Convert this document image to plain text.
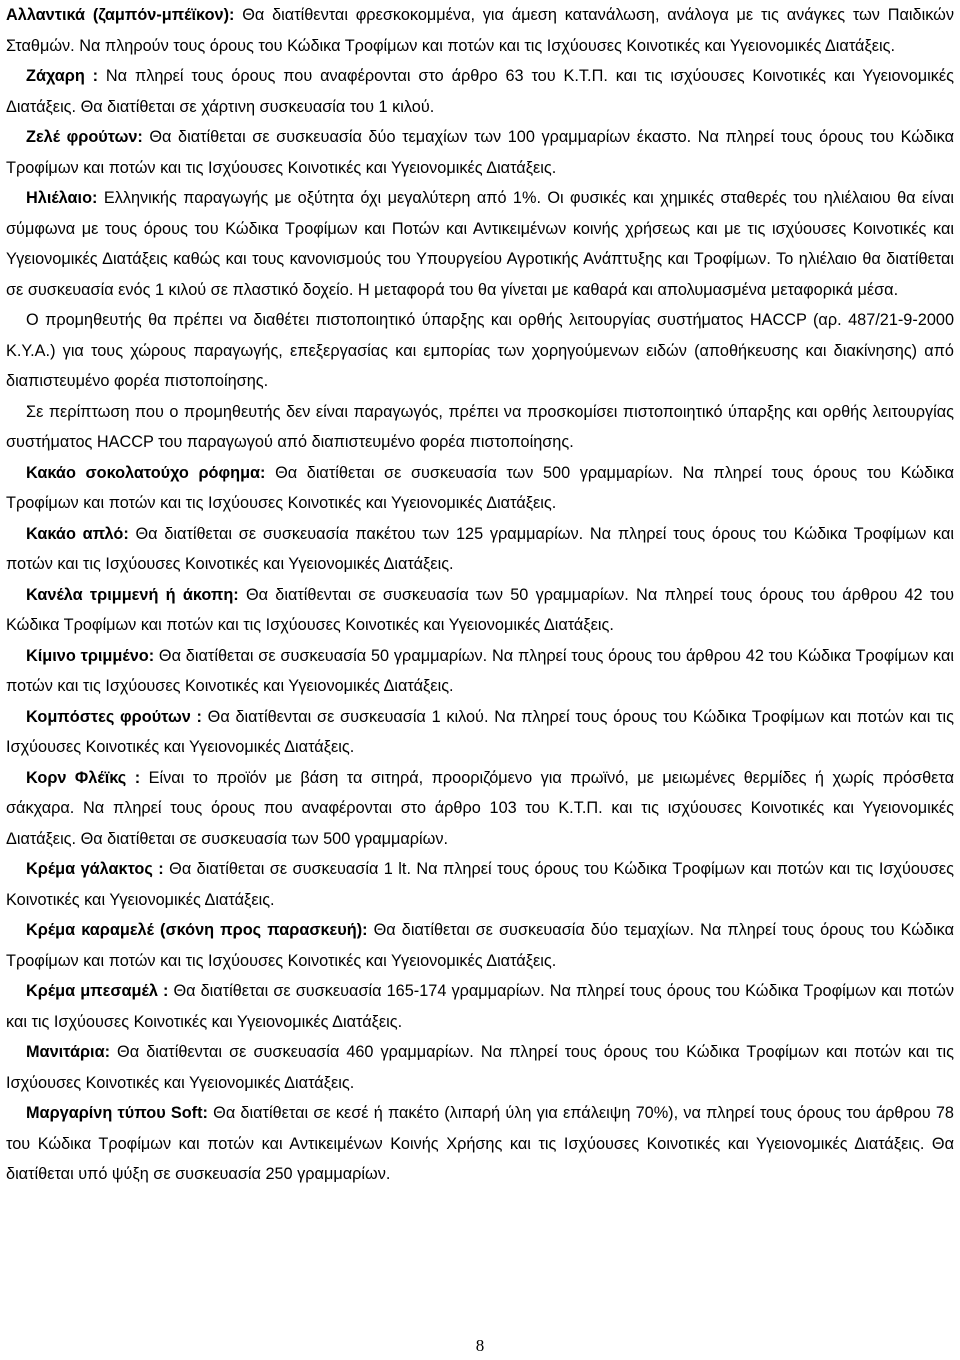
Αλλαντικά (ζαμπόν-μπέϊκον): Θα διατίθενται φρεσκοκομμένα, για άμεση κατανάλωση, ανάλογα με τις ανάγκες των Παιδικών Σταθμών. Να πληρούν τους όρους του Κώδικα Τροφίμων και ποτών και τις Ισχύουσες Κοινοτικές και Υγειονομικές Διατάξεις.

Ζάχαρη : Να πληρεί τους όρους που αναφέρονται στο άρθρο 63 του Κ.Τ.Π. και τις ισχύουσες Κοινοτικές και Υγειονομικές Διατάξεις. Θα διατίθεται σε χάρτινη συσκευασία του 1 κιλού.

Ζελέ φρούτων: Θα διατίθεται σε συσκευασία δύο τεμαχίων των 100 γραμμαρίων έκαστο. Να πληρεί τους όρους του Κώδικα Τροφίμων και ποτών και τις Ισχύουσες Κοινοτικές και Υγειονομικές Διατάξεις.

Ηλιέλαιο: Ελληνικής παραγωγής με οξύτητα όχι μεγαλύτερη από 1%. Οι φυσικές και χημικές σταθερές του ηλιέλαιου θα είναι σύμφωνα με τους όρους του Κώδικα Τροφίμων και Ποτών και Αντικειμένων κοινής χρήσεως και με τις ισχύουσες Κοινοτικές και Υγειονομικές Διατάξεις καθώς και τους κανονισμούς του Υπουργείου Αγροτικής Ανάπτυξης και Τροφίμων. Το ηλιέλαιο θα διατίθεται σε συσκευασία ενός 1 κιλού σε πλαστικό δοχείο. Η μεταφορά του θα γίνεται με καθαρά και απολυμασμένα μεταφορικά μέσα.

Ο προμηθευτής θα πρέπει να διαθέτει πιστοποιητικό ύπαρξης και ορθής λειτουργίας συστήματος HACCP (αρ. 487/21-9-2000 Κ.Υ.Α.) για τους χώρους παραγωγής, επεξεργασίας και εμπορίας των χορηγούμενων ειδών (αποθήκευσης και διακίνησης) από διαπιστευμένο φορέα πιστοποίησης.

Σε περίπτωση που ο προμηθευτής δεν είναι παραγωγός, πρέπει να προσκομίσει πιστοποιητικό ύπαρξης και ορθής λειτουργίας συστήματος HACCP του παραγωγού από διαπιστευμένο φορέα πιστοποίησης.

Κακάο σοκολατούχο ρόφημα: Θα διατίθεται σε συσκευασία των 500 γραμμαρίων. Να πληρεί τους όρους του Κώδικα Τροφίμων και ποτών και τις Ισχύουσες Κοινοτικές και Υγειονομικές Διατάξεις.

Κακάο απλό: Θα διατίθεται σε συσκευασία πακέτου των 125 γραμμαρίων. Να πληρεί τους όρους του Κώδικα Τροφίμων και ποτών και τις Ισχύουσες Κοινοτικές και Υγειονομικές Διατάξεις.

Κανέλα τριμμενή ή άκοπη: Θα διατίθενται σε συσκευασία των 50 γραμμαρίων. Να πληρεί τους όρους του άρθρου 42 του Κώδικα Τροφίμων και ποτών και τις Ισχύουσες Κοινοτικές και Υγειονομικές Διατάξεις.

Κίμινο τριμμένο: Θα διατίθεται σε συσκευασία 50 γραμμαρίων. Να πληρεί τους όρους του άρθρου 42 του Κώδικα Τροφίμων και ποτών και τις Ισχύουσες Κοινοτικές και Υγειονομικές Διατάξεις.

Κομπόστες φρούτων : Θα διατίθενται σε συσκευασία 1 κιλού. Να πληρεί τους όρους του Κώδικα Τροφίμων και ποτών και τις Ισχύουσες Κοινοτικές και Υγειονομικές Διατάξεις.

Κορν Φλέϊκς : Είναι το προϊόν με βάση τα σιτηρά, προοριζόμενο για πρωϊνό, με μειωμένες θερμίδες ή χωρίς πρόσθετα σάκχαρα. Να πληρεί τους όρους που αναφέρονται στο άρθρο 103 του Κ.Τ.Π. και τις ισχύουσες Κοινοτικές και Υγειονομικές Διατάξεις. Θα διατίθεται σε συσκευασία των 500 γραμμαρίων.

Κρέμα γάλακτος : Θα διατίθεται σε συσκευασία 1 lt. Να πληρεί τους όρους του Κώδικα Τροφίμων και ποτών και τις Ισχύουσες Κοινοτικές και Υγειονομικές Διατάξεις.

Κρέμα καραμελέ (σκόνη προς παρασκευή): Θα διατίθεται σε συσκευασία δύο τεμαχίων. Να πληρεί τους όρους του Κώδικα Τροφίμων και ποτών και τις Ισχύουσες Κοινοτικές και Υγειονομικές Διατάξεις.

Κρέμα μπεσαμέλ : Θα διατίθεται σε συσκευασία 165-174 γραμμαρίων. Να πληρεί τους όρους του Κώδικα Τροφίμων και ποτών και τις Ισχύουσες Κοινοτικές και Υγειονομικές Διατάξεις.

Μανιτάρια: Θα διατίθενται σε συσκευασία 460 γραμμαρίων. Να πληρεί τους όρους του Κώδικα Τροφίμων και ποτών και τις Ισχύουσες Κοινοτικές και Υγειονομικές Διατάξεις.

Μαργαρίνη τύπου Soft: Θα διατίθεται σε κεσέ ή πακέτο (λιπαρή ύλη για επάλειψη 70%), να πληρεί τους όρους του άρθρου 78 του Κώδικα Τροφίμων και ποτών και Αντικειμένων Κοινής Χρήσης και τις Ισχύουσες Κοινοτικές και Υγειονομικές Διατάξεις. Θα διατίθεται υπό ψύξη σε συσκευασία 250 γραμμαρίων.

8
